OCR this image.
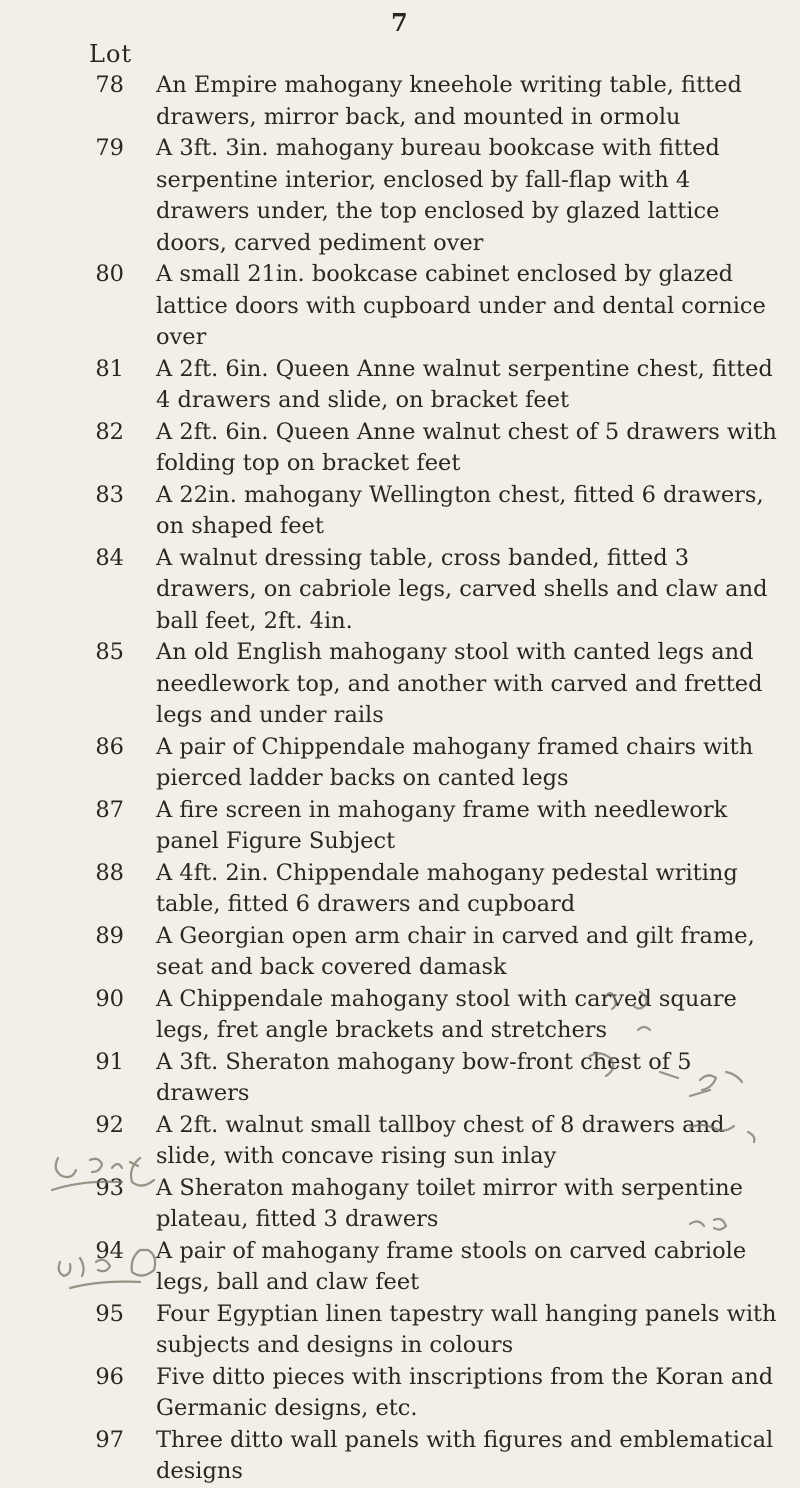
7
Lot
78 An Empire mahogany kneehole writing table, fitted drawers, mirror back, and mounted in ormolu
79 A 3ft. 3in. mahogany bureau bookcase with fitted serpentine interior, enclosed by fall-flap with 4 drawers under, the top enclosed by glazed lattice doors, carved pediment over
80 A small 21in. bookcase cabinet enclosed by glazed lattice doors with cupboard under and dental cornice over
81 A 2ft. 6in. Queen Anne walnut serpentine chest, fitted 4 drawers and slide, on bracket feet
82 A 2ft. 6in. Queen Anne walnut chest of 5 drawers with folding top on bracket feet
83 A 22in. mahogany Wellington chest, fitted 6 drawers, on shaped feet
84 A walnut dressing table, cross banded, fitted 3 drawers, on cabriole legs, carved shells and claw and ball feet, 2ft. 4in.
85 An old English mahogany stool with canted legs and needlework top, and another with carved and fretted legs and under rails
86 A pair of Chippendale mahogany framed chairs with pierced ladder backs on canted legs
87 A fire screen in mahogany frame with needlework panel Figure Subject
88 A 4ft. 2in. Chippendale mahogany pedestal writing table, fitted 6 drawers and cupboard
89 A Georgian open arm chair in carved and gilt frame, seat and back covered damask
90 A Chippendale mahogany stool with carved square legs, fret angle brackets and stretchers
91 A 3ft. Sheraton mahogany bow-front chest of 5 drawers
92 A 2ft. walnut small tallboy chest of 8 drawers and slide, with concave rising sun inlay
93 A Sheraton mahogany toilet mirror with serpentine plateau, fitted 3 drawers
94 A pair of mahogany frame stools on carved cabriole legs, ball and claw feet
95 Four Egyptian linen tapestry wall hanging panels with subjects and designs in colours
96 Five ditto pieces with inscriptions from the Koran and Germanic designs, etc.
97 Three ditto wall panels with figures and emblematical designs
